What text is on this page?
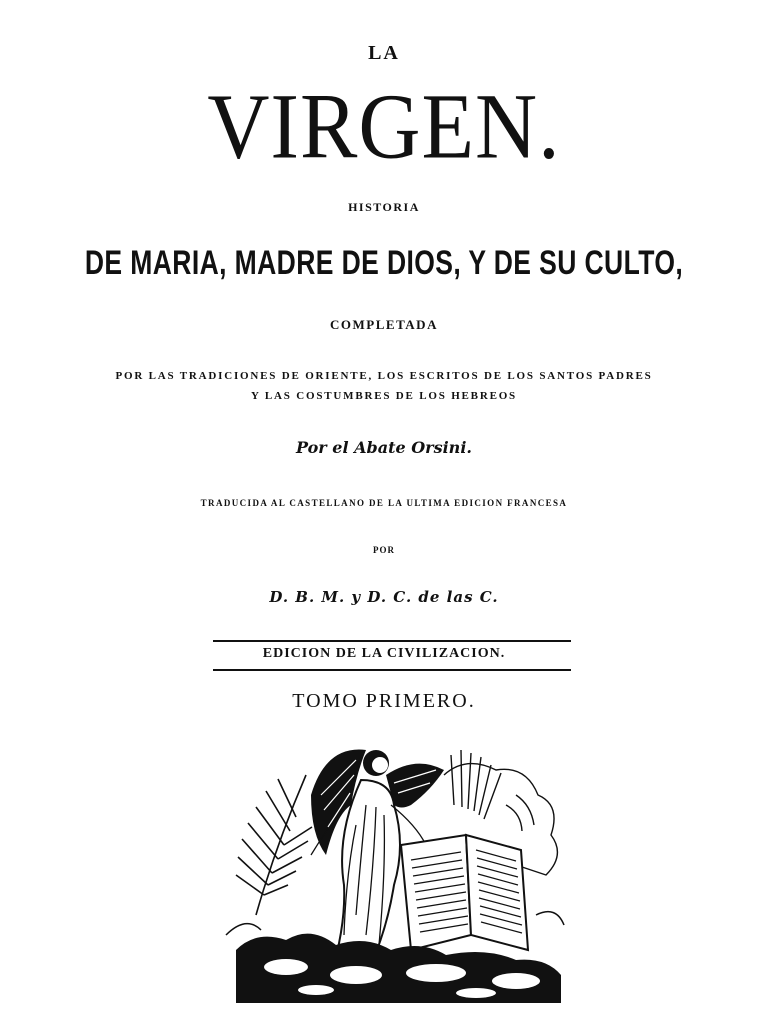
LA
VIRGEN.
HISTORIA
DE MARIA, MADRE DE DIOS, Y DE SU CULTO,
COMPLETADA
POR LAS TRADICIONES DE ORIENTE, LOS ESCRITOS DE LOS SANTOS PADRES
Y LAS COSTUMBRES DE LOS HEBREOS
Por el Abate Orsini.
TRADUCIDA AL CASTELLANO DE LA ULTIMA EDICION FRANCESA
POR
D. B. M. y D. C. de las C.
EDICION DE LA CIVILIZACION.
TOMO PRIMERO.
